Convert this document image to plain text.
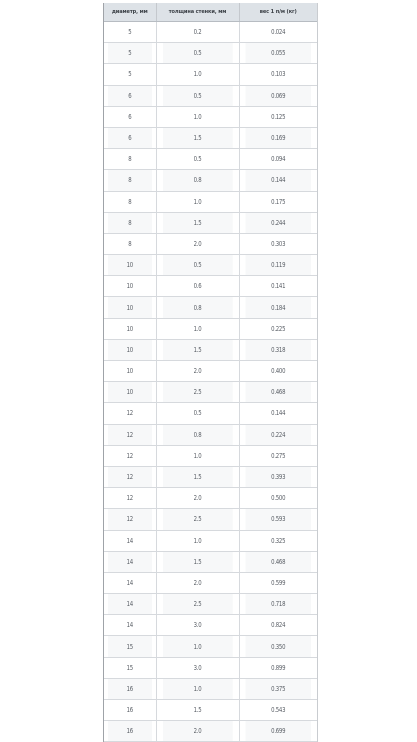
диаметр, мм	толщина стенки, мм	вес 1 п/м (кг)
5	0.2	0.024
5	0.5	0.055
5	1.0	0.103
6	0.5	0.069
6	1.0	0.125
6	1.5	0.169
8	0.5	0.094
8	0.8	0.144
8	1.0	0.175
8	1.5	0.244
8	2.0	0.303
10	0.5	0.119
10	0.6	0.141
10	0.8	0.184
10	1.0	0.225
10	1.5	0.318
10	2.0	0.400
10	2.5	0.468
12	0.5	0.144
12	0.8	0.224
12	1.0	0.275
12	1.5	0.393
12	2.0	0.500
12	2.5	0.593
14	1.0	0.325
14	1.5	0.468
14	2.0	0.599
14	2.5	0.718
14	3.0	0.824
15	1.0	0.350
15	3.0	0.899
16	1.0	0.375
16	1.5	0.543
16	2.0	0.699
